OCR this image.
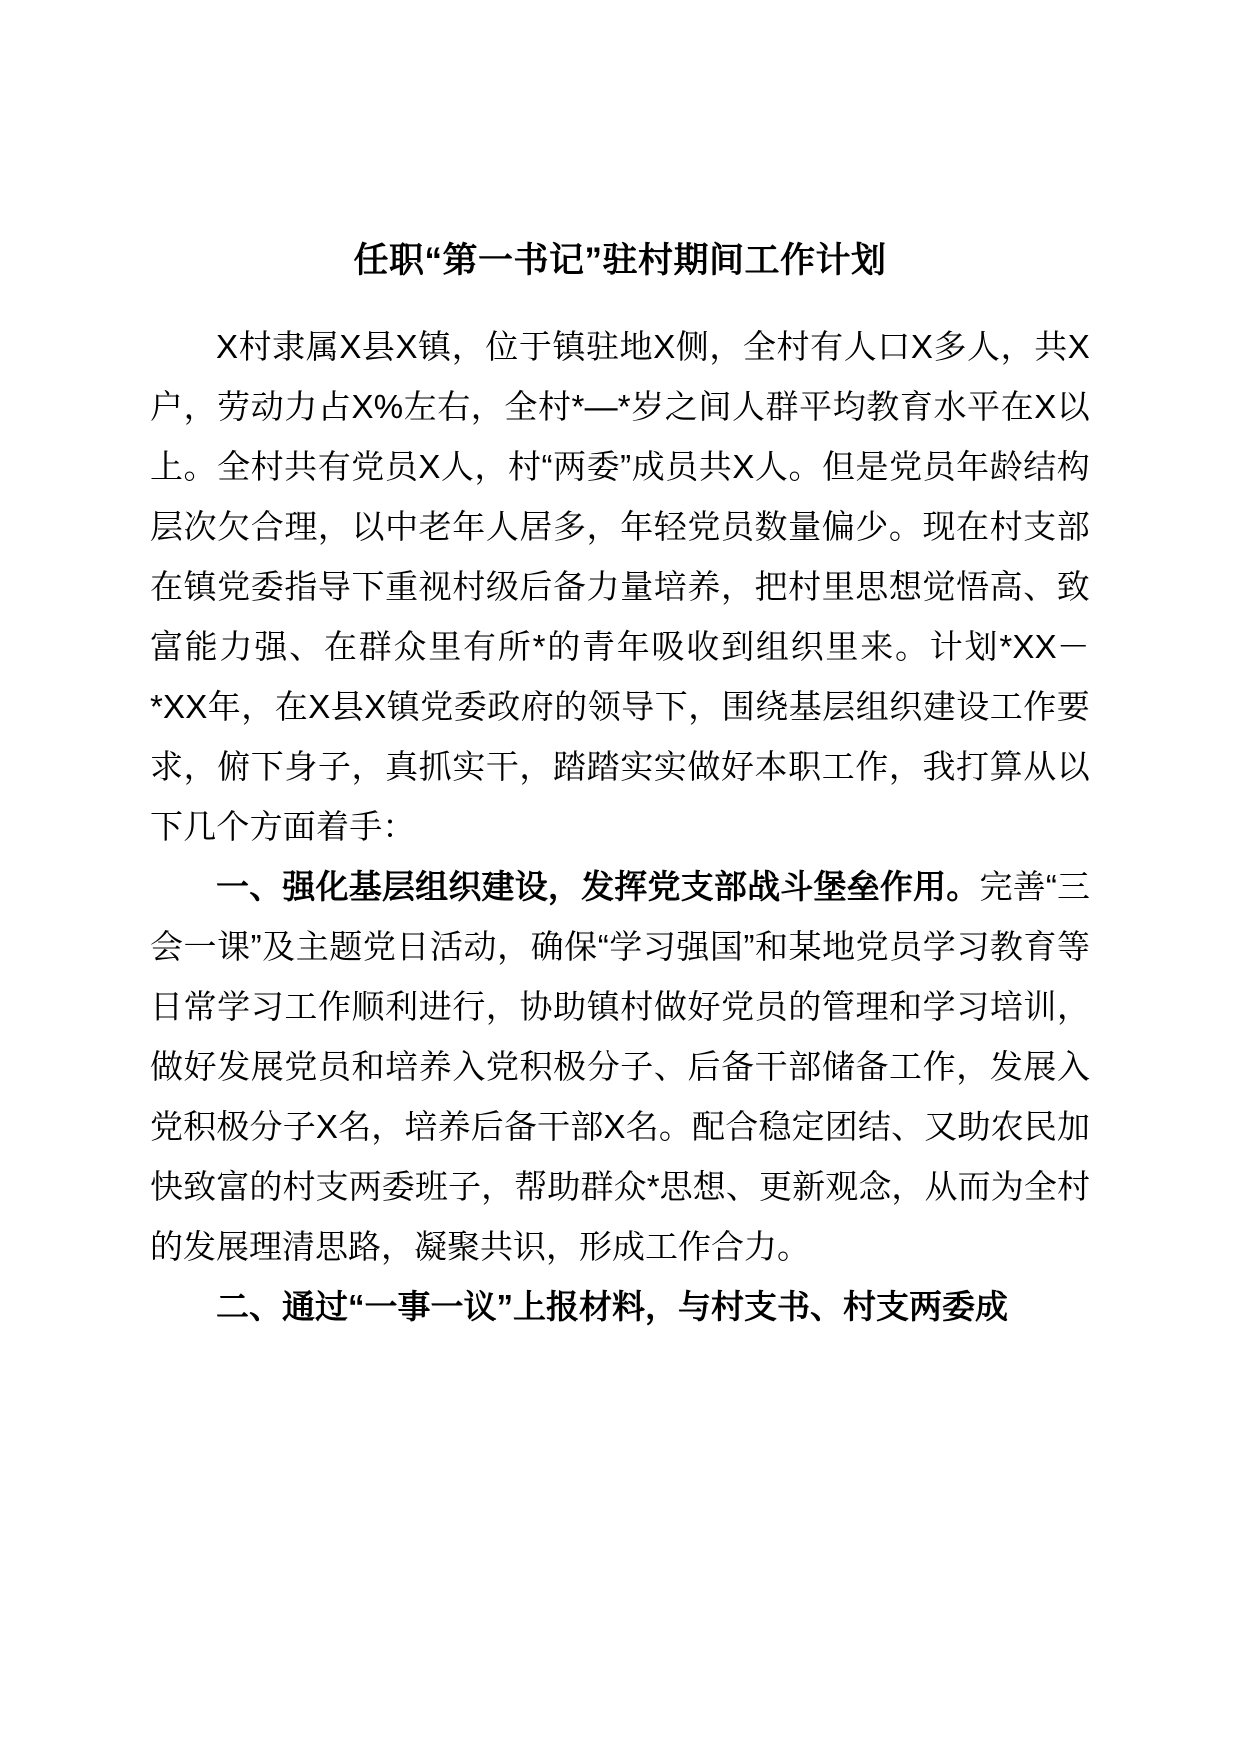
任职“第一书记”驻村期间工作计划

X村隶属X县X镇，位于镇驻地X侧，全村有人口X多人，共X户，劳动力占X%左右，全村*—*岁之间人群平均教育水平在X以上。全村共有党员X人，村“两委”成员共X人。但是党员年龄结构层次欠合理，以中老年人居多，年轻党员数量偏少。现在村支部在镇党委指导下重视村级后备力量培养，把村里思想觉悟高、致富能力强、在群众里有所*的青年吸收到组织里来。计划*XX－*XX年，在X县X镇党委政府的领导下，围绕基层组织建设工作要求，俯下身子，真抓实干，踏踏实实做好本职工作，我打算从以下几个方面着手：

一、强化基层组织建设，发挥党支部战斗堡垒作用。完善“三会一课”及主题党日活动，确保“学习强国”和某地党员学习教育等日常学习工作顺利进行，协助镇村做好党员的管理和学习培训，做好发展党员和培养入党积极分子、后备干部储备工作，发展入党积极分子X名，培养后备干部X名。配合稳定团结、又助农民加快致富的村支两委班子，帮助群众*思想、更新观念，从而为全村的发展理清思路，凝聚共识，形成工作合力。

二、通过“一事一议”上报材料，与村支书、村支两委成
